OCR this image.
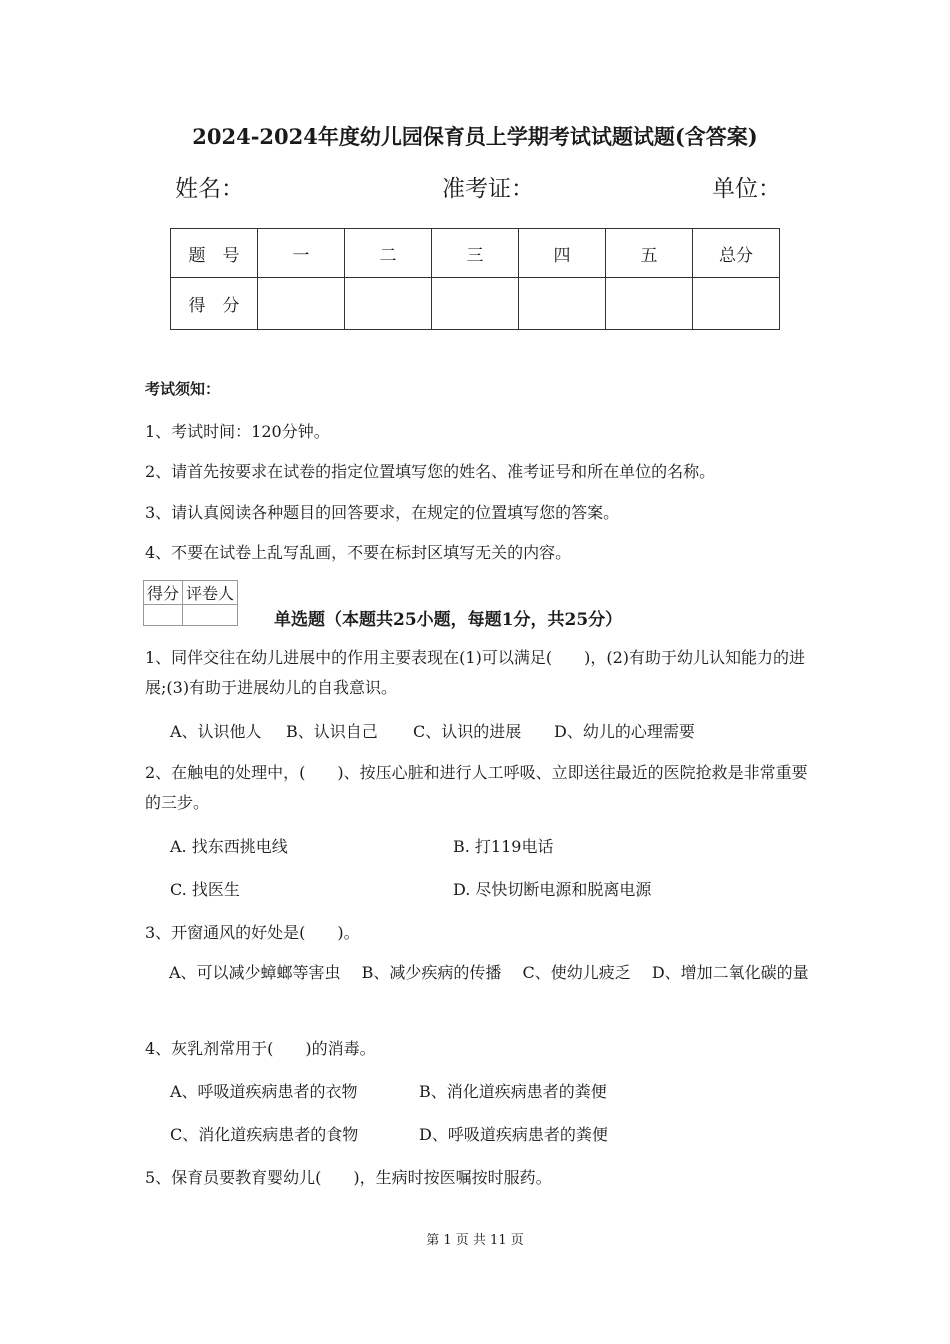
2024-2024年度幼儿园保育员上学期考试试题试题(含答案)
姓名：	准考证：	单位：
题　号	一	二	三	四	五	总分
得　分						
考试须知：
1、考试时间：120分钟。
2、请首先按要求在试卷的指定位置填写您的姓名、准考证号和所在单位的名称。
3、请认真阅读各种题目的回答要求，在规定的位置填写您的答案。
4、不要在试卷上乱写乱画，不要在标封区填写无关的内容。
得分	评卷人

单选题（本题共25小题，每题1分，共25分）
1、同伴交往在幼儿进展中的作用主要表现在(1)可以满足(　　)，(2)有助于幼儿认知能力的进展;(3)有助于进展幼儿的自我意识。
A、认识他人 B、认识自己 C、认识的进展 D、幼儿的心理需要
2、在触电的处理中，(　　)、按压心脏和进行人工呼吸、立即送往最近的医院抢救是非常重要的三步。
A. 找东西挑电线	B. 打119电话
C. 找医生	D. 尽快切断电源和脱离电源
3、开窗通风的好处是(　　)。
A、可以减少蟑螂等害虫　 B、减少疾病的传播　 C、使幼儿疲乏　 D、增加二氧化碳的量
4、灰乳剂常用于(　　)的消毒。
A、呼吸道疾病患者的衣物	B、消化道疾病患者的粪便
C、消化道疾病患者的食物	D、呼吸道疾病患者的粪便
5、保育员要教育婴幼儿(　　)，生病时按医嘱按时服药。
第 1 页 共 11 页
